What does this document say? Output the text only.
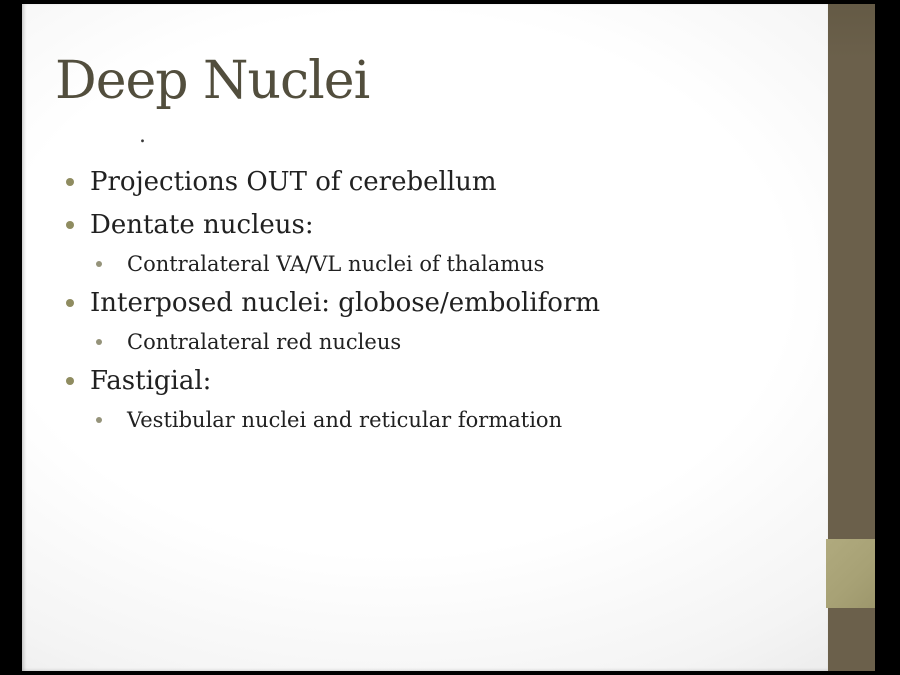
Deep Nuclei
.
Projections OUT of cerebellum
Dentate nucleus:
Contralateral VA/VL nuclei of thalamus
Interposed nuclei: globose/emboliform
Contralateral red nucleus
Fastigial:
Vestibular nuclei and reticular formation
